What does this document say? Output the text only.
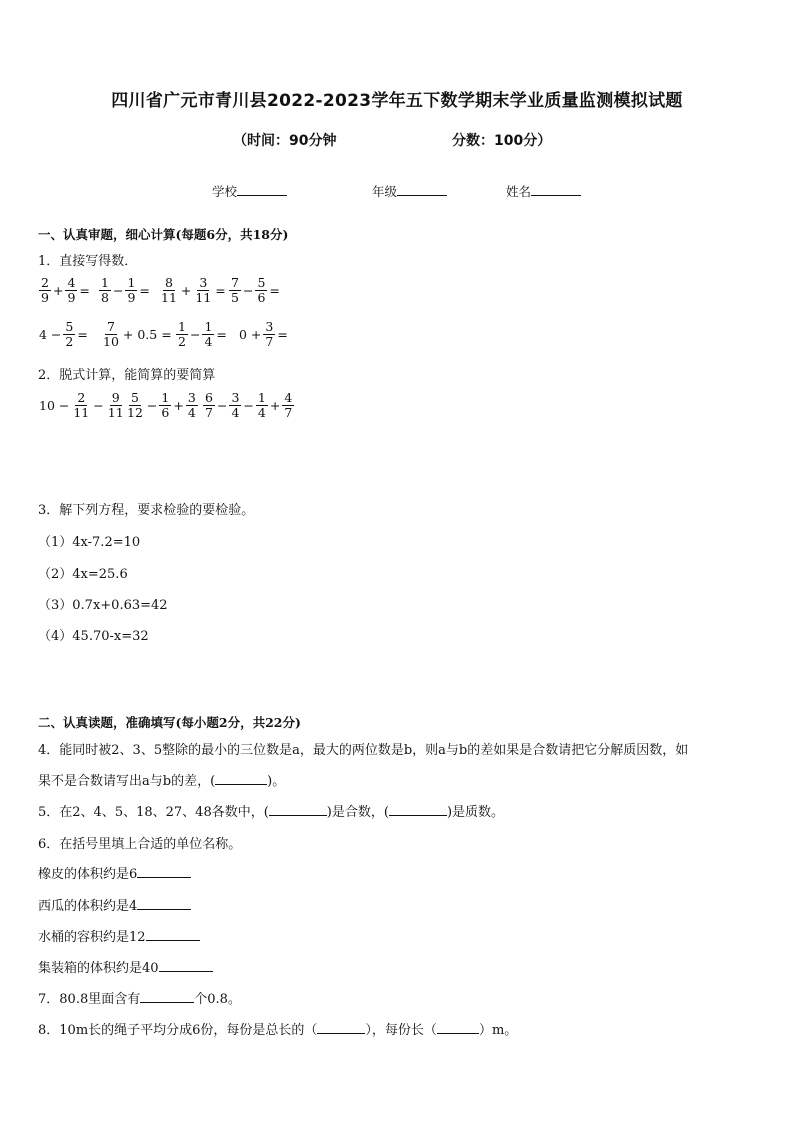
四川省广元市青川县2022-2023学年五下数学期末学业质量监测模拟试题
（时间：90分钟	分数：100分）
学校	年级	姓名
一、认真审题，细心计算(每题6分，共18分)
1．直接写得数．
$\frac{2}{9} + \frac{4}{9} = \frac{1}{8} - \frac{1}{9} = \frac{8}{11} + \frac{3}{11} = \frac{7}{5} - \frac{5}{6}$ =
$4 - \frac{5}{2} = \frac{7}{10} + 0.5 = \frac{1}{2} - \frac{1}{4} = 0 + \frac{3}{7}$ =
2．脱式计算，能简算的要简算
$10 - \frac{2}{11} - \frac{9}{11} \frac{5}{12} - \frac{1}{6} + \frac{3}{4} \frac{6}{7} - \frac{3}{4} - \frac{1}{4} + \frac{4}{7}$
3．解下列方程，要求检验的要检验。
（1）4x-7.2=10
（2）4x=25.6
（3）0.7x+0.63=42
（4）45.70-x=32
二、认真读题，准确填写(每小题2分，共22分)
4．能同时被2、3、5整除的最小的三位数是a，最大的两位数是b，则a与b的差如果是合数请把它分解质因数，如
果不是合数请写出a与b的差，(	)。
5．在2、4、5、18、27、48各数中，(	)是合数，(	)是质数。
6．在括号里填上合适的单位名称。
橡皮的体积约是6
西瓜的体积约是4
水桶的容积约是12
集装箱的体积约是40
7．80.8里面含有	个0.8。
8．10m长的绳子平均分成6份，每份是总长的（	），每份长（	）m。
